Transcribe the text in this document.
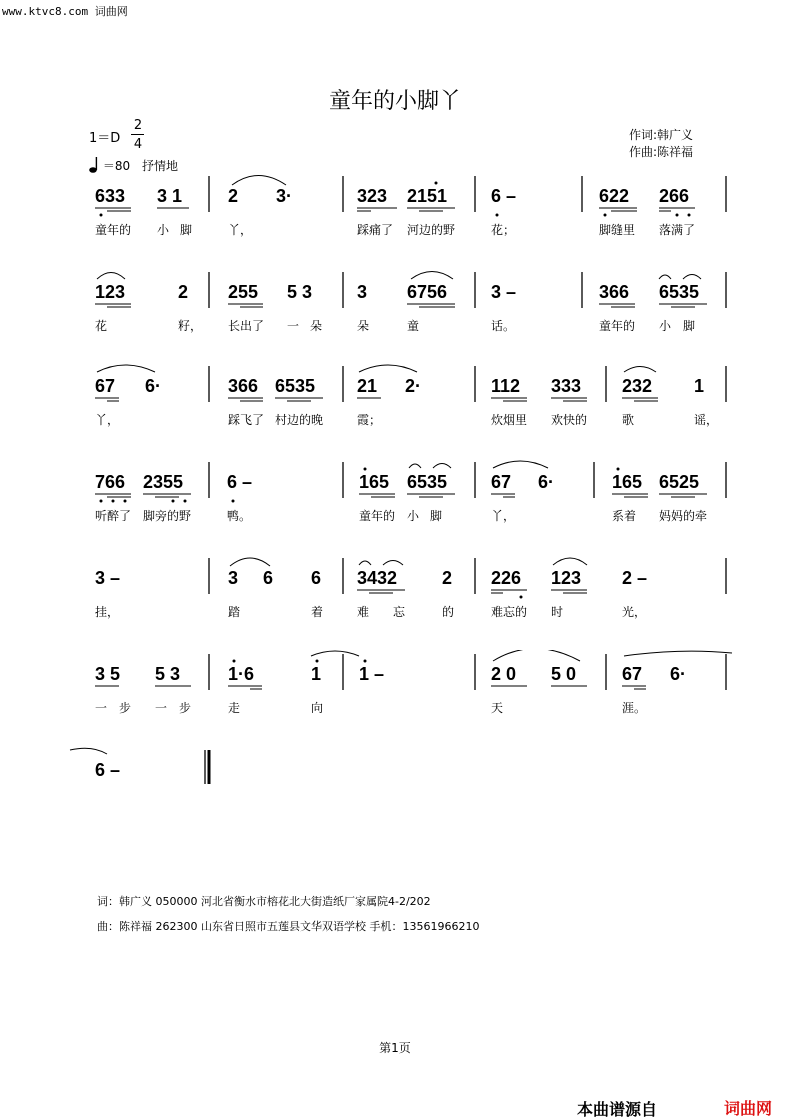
www.ktvc8.com 词曲网
童年的小脚丫
1＝D
2
4
＝80 抒情地
作词:韩广义
作曲:陈祥福
633 3 1	2 3·	323 2151 6 –	622 266
童年的 小 脚	丫，	踩痛了 河边的野	花；	脚缝里 落满了
123	2 255 5 3 3 6756 3 –	366 6535
花	籽， 长出了 一 朵	朵	童	话。	童年的 小 脚
67 6·	366 6535 21 2·	112 333 232 1
丫，	踩飞了 村边的晚	霞；	炊烟里 欢快的	歌	谣，
766 2355 6 –	165 6535 67 6·	165 6525
听醉了 脚旁的野	鸭。	童年的 小 脚	丫，	系着 妈妈的牵
3 –	3 6 6 3432 2 226 123 2 –
挂，	踏	着	难 忘	的	难忘的 时	光，
3 5 5 3	1·6	1 1 –	2 0 5 0	67 6·
一 步 一 步	走	向	天	涯。
6 –
词：韩广义 050000 河北省衡水市榕花北大街造纸厂家属院4-2/202
曲：陈祥福 262300 山东省日照市五莲县文华双语学校 手机：13561966210
第1页
本曲谱源自	词曲网
